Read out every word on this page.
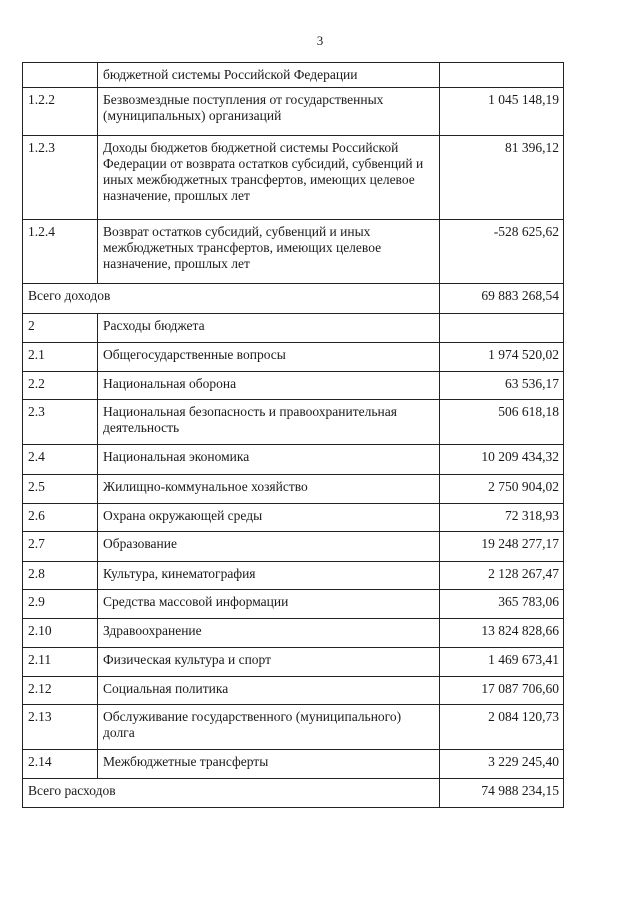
3
	бюджетной системы Российской Федерации	
1.2.2	Безвозмездные поступления от государственных (муниципальных) организаций	1 045 148,19
1.2.3	Доходы бюджетов бюджетной системы Российской Федерации от возврата остатков субсидий, субвенций и иных межбюджетных трансфертов, имеющих целевое назначение, прошлых лет	81 396,12
1.2.4	Возврат остатков субсидий, субвенций и иных межбюджетных трансфертов, имеющих целевое назначение, прошлых лет	-528 625,62
Всего доходов		69 883 268,54
2	Расходы бюджета	
2.1	Общегосударственные вопросы	1 974 520,02
2.2	Национальная оборона	63 536,17
2.3	Национальная безопасность и правоохранительная деятельность	506 618,18
2.4	Национальная экономика	10 209 434,32
2.5	Жилищно-коммунальное хозяйство	2 750 904,02
2.6	Охрана окружающей среды	72 318,93
2.7	Образование	19 248 277,17
2.8	Культура, кинематография	2 128 267,47
2.9	Средства массовой информации	365 783,06
2.10	Здравоохранение	13 824 828,66
2.11	Физическая культура и спорт	1 469 673,41
2.12	Социальная политика	17 087 706,60
2.13	Обслуживание государственного (муниципального) долга	2 084 120,73
2.14	Межбюджетные трансферты	3 229 245,40
Всего расходов		74 988 234,15
